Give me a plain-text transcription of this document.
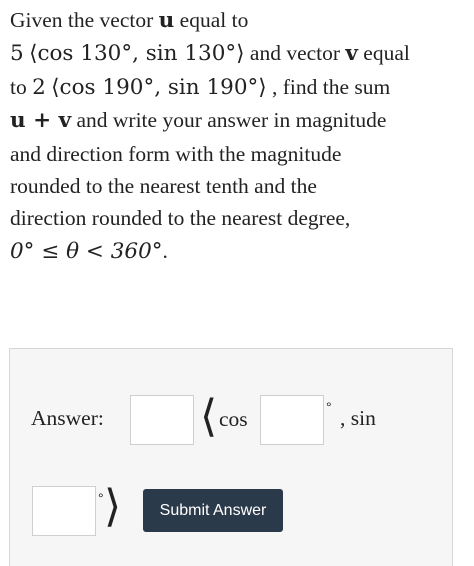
Given the vector u equal to
5 ⟨cos 130°, sin 130°⟩ and vector v equal
to 2 ⟨cos 190°, sin 190°⟩ , find the sum
u + v and write your answer in magnitude
and direction form with the magnitude
rounded to the nearest tenth and the
direction rounded to the nearest degree,
0° ≤ θ < 360°.
Answer: ⟨ cos	° , sin
° ⟩	Submit Answer
